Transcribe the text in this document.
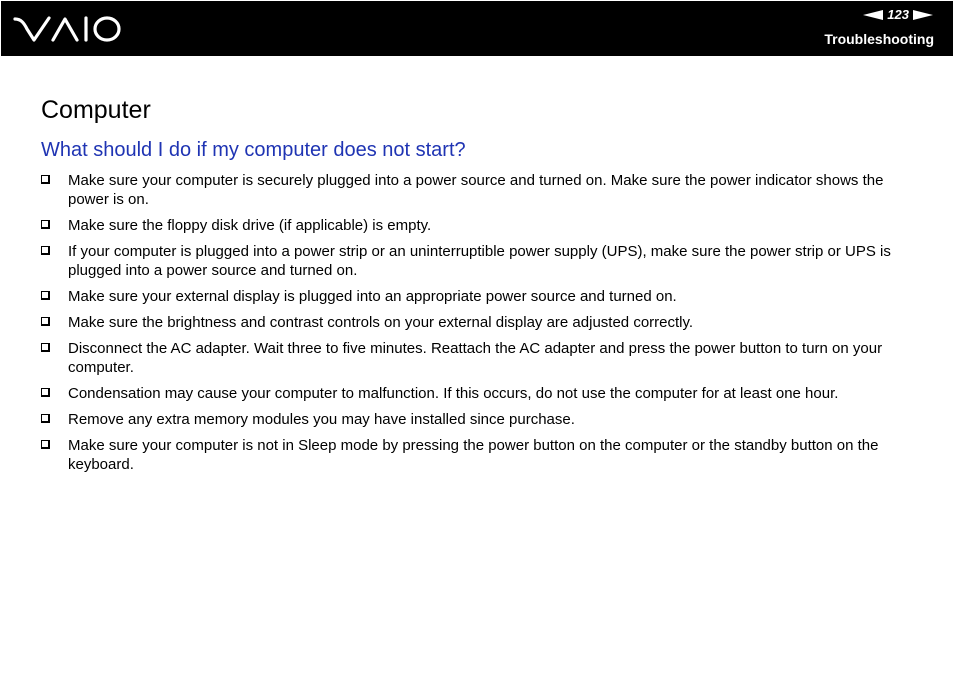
123
Troubleshooting
Computer
What should I do if my computer does not start?
Make sure your computer is securely plugged into a power source and turned on. Make sure the power indicator shows the power is on.
Make sure the floppy disk drive (if applicable) is empty.
If your computer is plugged into a power strip or an uninterruptible power supply (UPS), make sure the power strip or UPS is plugged into a power source and turned on.
Make sure your external display is plugged into an appropriate power source and turned on.
Make sure the brightness and contrast controls on your external display are adjusted correctly.
Disconnect the AC adapter. Wait three to five minutes. Reattach the AC adapter and press the power button to turn on your computer.
Condensation may cause your computer to malfunction. If this occurs, do not use the computer for at least one hour.
Remove any extra memory modules you may have installed since purchase.
Make sure your computer is not in Sleep mode by pressing the power button on the computer or the standby button on the keyboard.
